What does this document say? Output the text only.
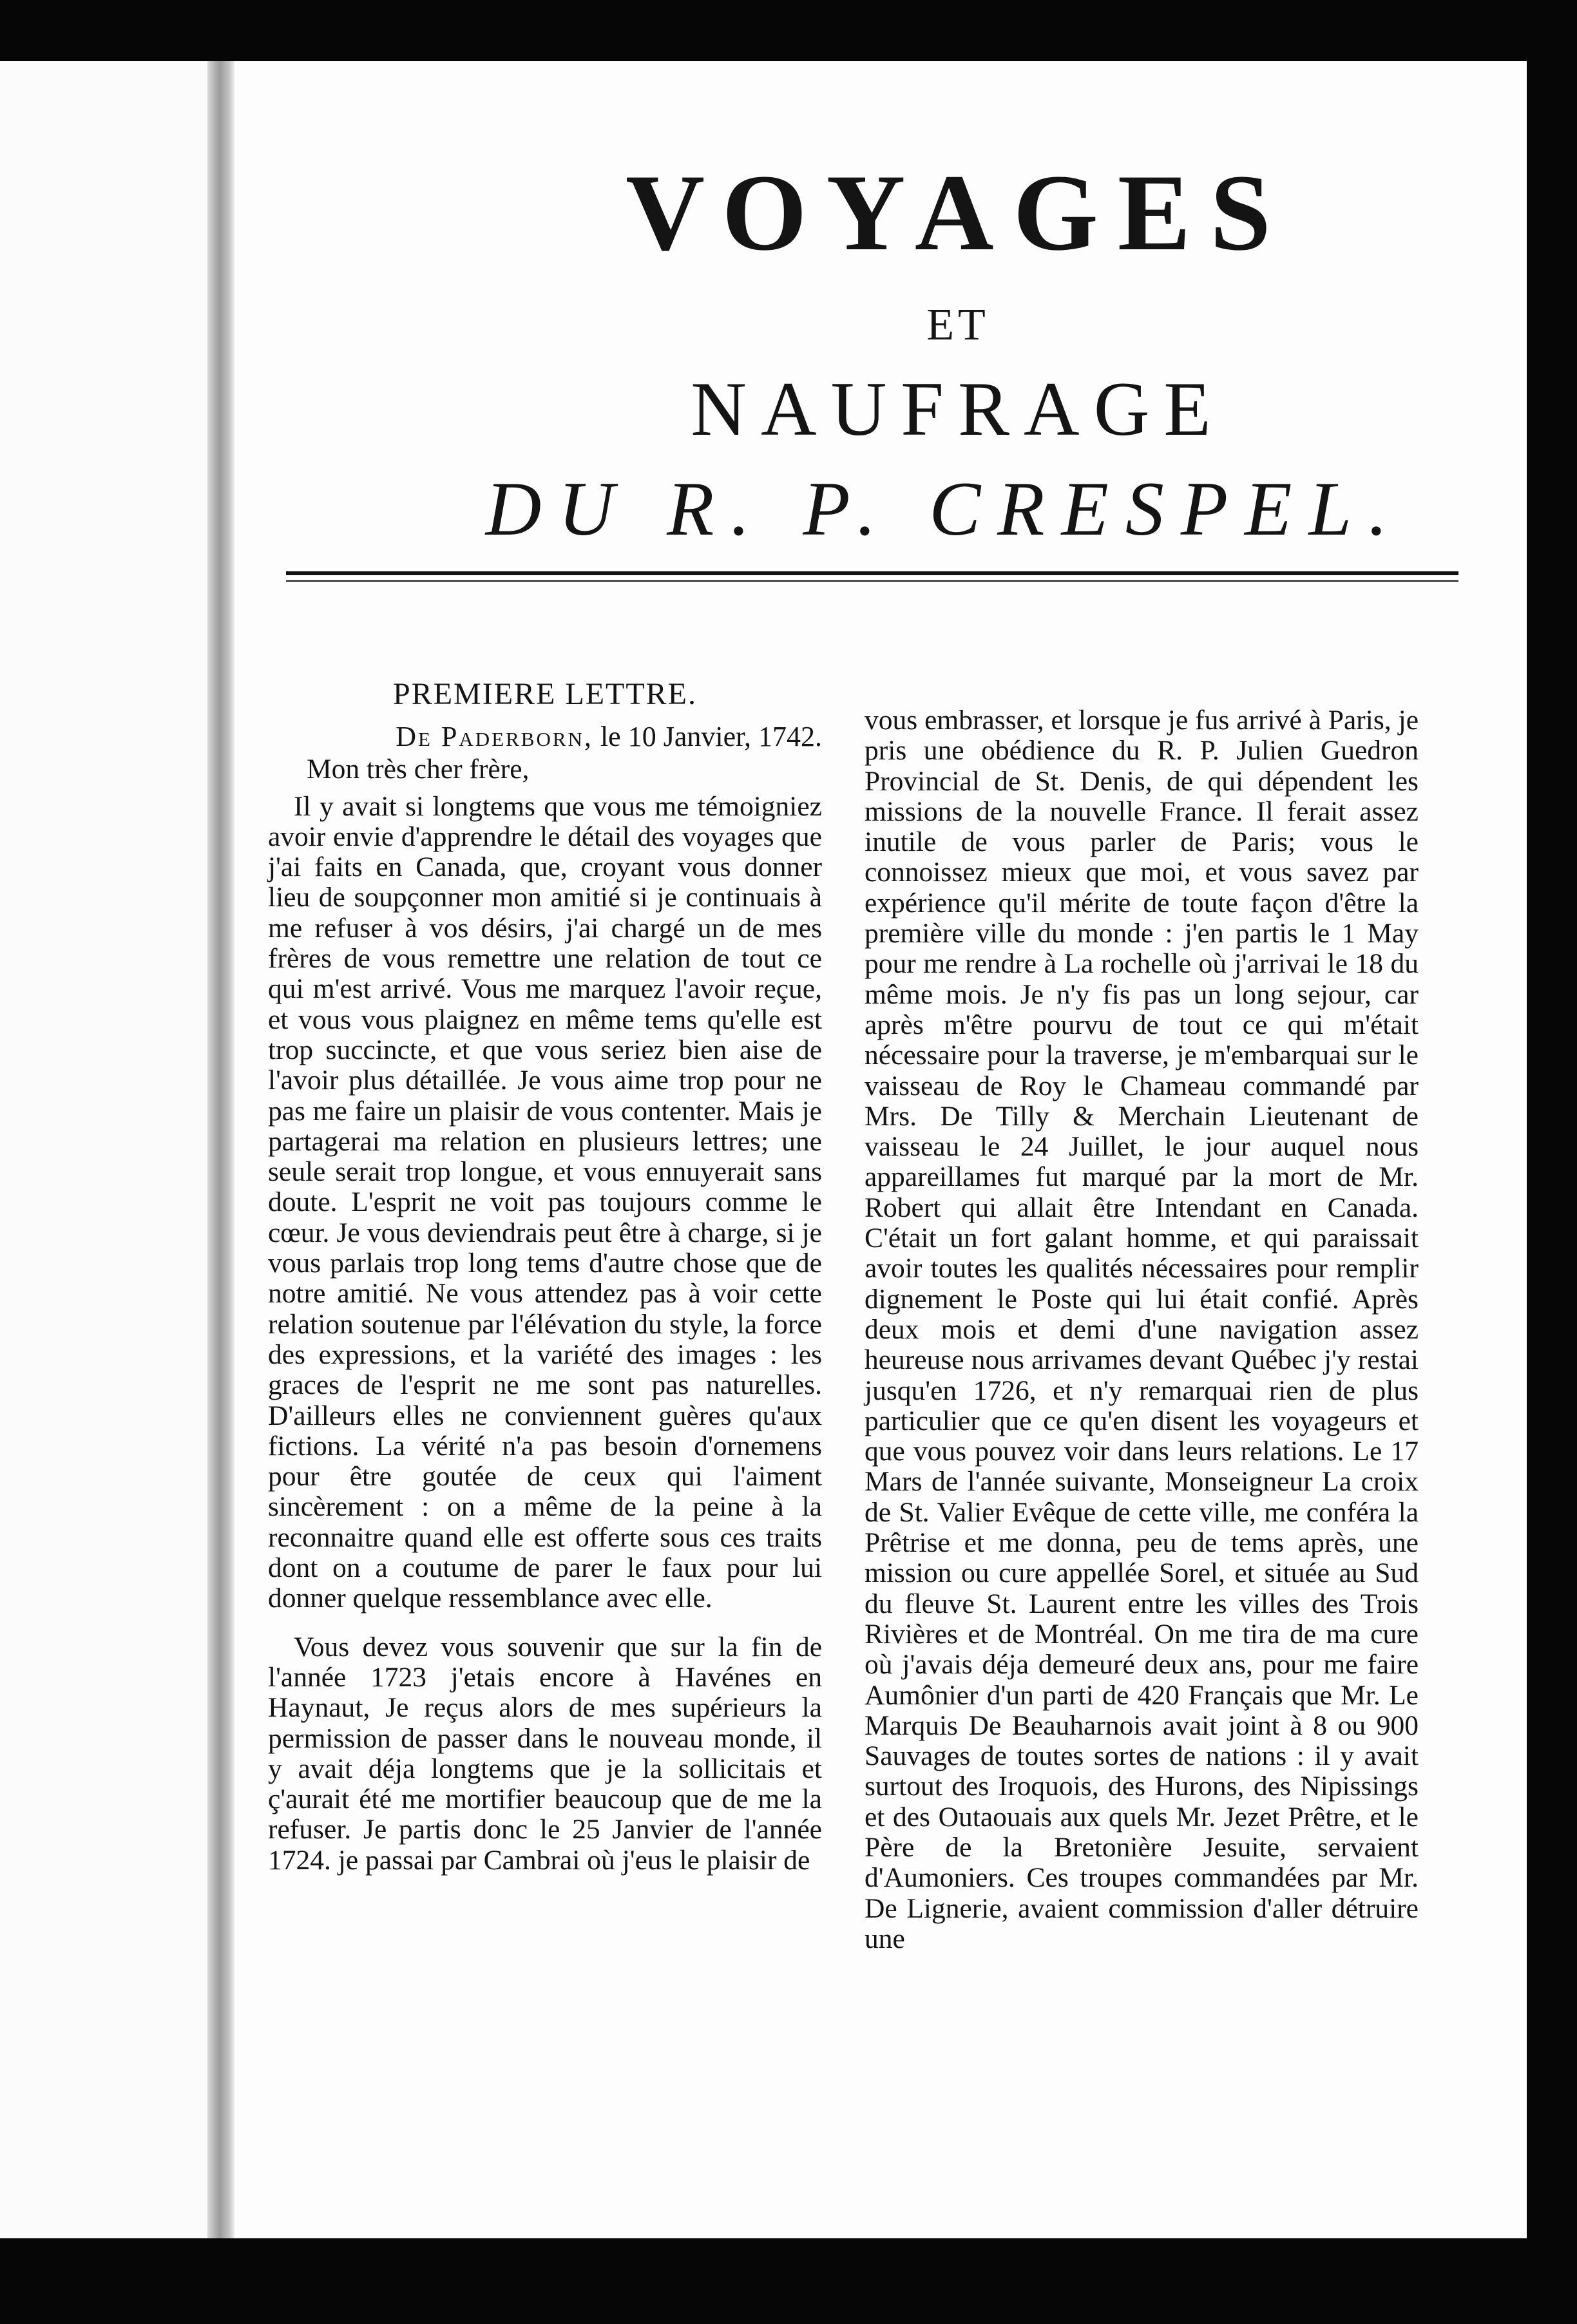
VOYAGES
ET
NAUFRAGE
DU R. P. CRESPEL.

PREMIERE LETTRE.

De Paderborn, le 10 Janvier, 1742.

Mon très cher frère,

Il y avait si longtems que vous me témoigniez avoir envie d'apprendre le détail des voyages que j'ai faits en Canada, que, croyant vous donner lieu de soupçonner mon amitié si je continuais à me refuser à vos désirs, j'ai chargé un de mes frères de vous remettre une relation de tout ce qui m'est arrivé. Vous me marquez l'avoir reçue, et vous vous plaignez en même tems qu'elle est trop succincte, et que vous seriez bien aise de l'avoir plus détaillée. Je vous aime trop pour ne pas me faire un plaisir de vous contenter. Mais je partagerai ma relation en plusieurs lettres; une seule serait trop longue, et vous ennuyerait sans doute. L'esprit ne voit pas toujours comme le cœur. Je vous deviendrais peut être à charge, si je vous parlais trop long tems d'autre chose que de notre amitié. Ne vous attendez pas à voir cette relation soutenue par l'élévation du style, la force des expressions, et la variété des images : les graces de l'esprit ne me sont pas naturelles. D'ailleurs elles ne conviennent guères qu'aux fictions. La vérité n'a pas besoin d'ornemens pour être goutée de ceux qui l'aiment sincèrement : on a même de la peine à la reconnaitre quand elle est offerte sous ces traits dont on a coutume de parer le faux pour lui donner quelque ressemblance avec elle.

Vous devez vous souvenir que sur la fin de l'année 1723 j'etais encore à Havénes en Haynaut, Je reçus alors de mes supérieurs la permission de passer dans le nouveau monde, il y avait déja longtems que je la sollicitais et ç'aurait été me mortifier beaucoup que de me la refuser. Je partis donc le 25 Janvier de l'année 1724. je passai par Cambrai où j'eus le plaisir de

vous embrasser, et lorsque je fus arrivé à Paris, je pris une obédience du R. P. Julien Guedron Provincial de St. Denis, de qui dépendent les missions de la nouvelle France. Il ferait assez inutile de vous parler de Paris; vous le connoissez mieux que moi, et vous savez par expérience qu'il mérite de toute façon d'être la première ville du monde : j'en partis le 1 May pour me rendre à La rochelle où j'arrivai le 18 du même mois. Je n'y fis pas un long sejour, car après m'être pourvu de tout ce qui m'était nécessaire pour la traverse, je m'embarquai sur le vaisseau de Roy le Chameau commandé par Mrs. De Tilly & Merchain Lieutenant de vaisseau le 24 Juillet, le jour auquel nous appareillames fut marqué par la mort de Mr. Robert qui allait être Intendant en Canada. C'était un fort galant homme, et qui paraissait avoir toutes les qualités nécessaires pour remplir dignement le Poste qui lui était confié. Après deux mois et demi d'une navigation assez heureuse nous arrivames devant Québec j'y restai jusqu'en 1726, et n'y remarquai rien de plus particulier que ce qu'en disent les voyageurs et que vous pouvez voir dans leurs relations. Le 17 Mars de l'année suivante, Monseigneur La croix de St. Valier Evêque de cette ville, me conféra la Prêtrise et me donna, peu de tems après, une mission ou cure appellée Sorel, et située au Sud du fleuve St. Laurent entre les villes des Trois Rivières et de Montréal. On me tira de ma cure où j'avais déja demeuré deux ans, pour me faire Aumônier d'un parti de 420 Français que Mr. Le Marquis De Beauharnois avait joint à 8 ou 900 Sauvages de toutes sortes de nations : il y avait surtout des Iroquois, des Hurons, des Nipissings et des Outaouais aux quels Mr. Jezet Prêtre, et le Père de la Bretonière Jesuite, servaient d'Aumoniers. Ces troupes commandées par Mr. De Lignerie, avaient commission d'aller détruire une
